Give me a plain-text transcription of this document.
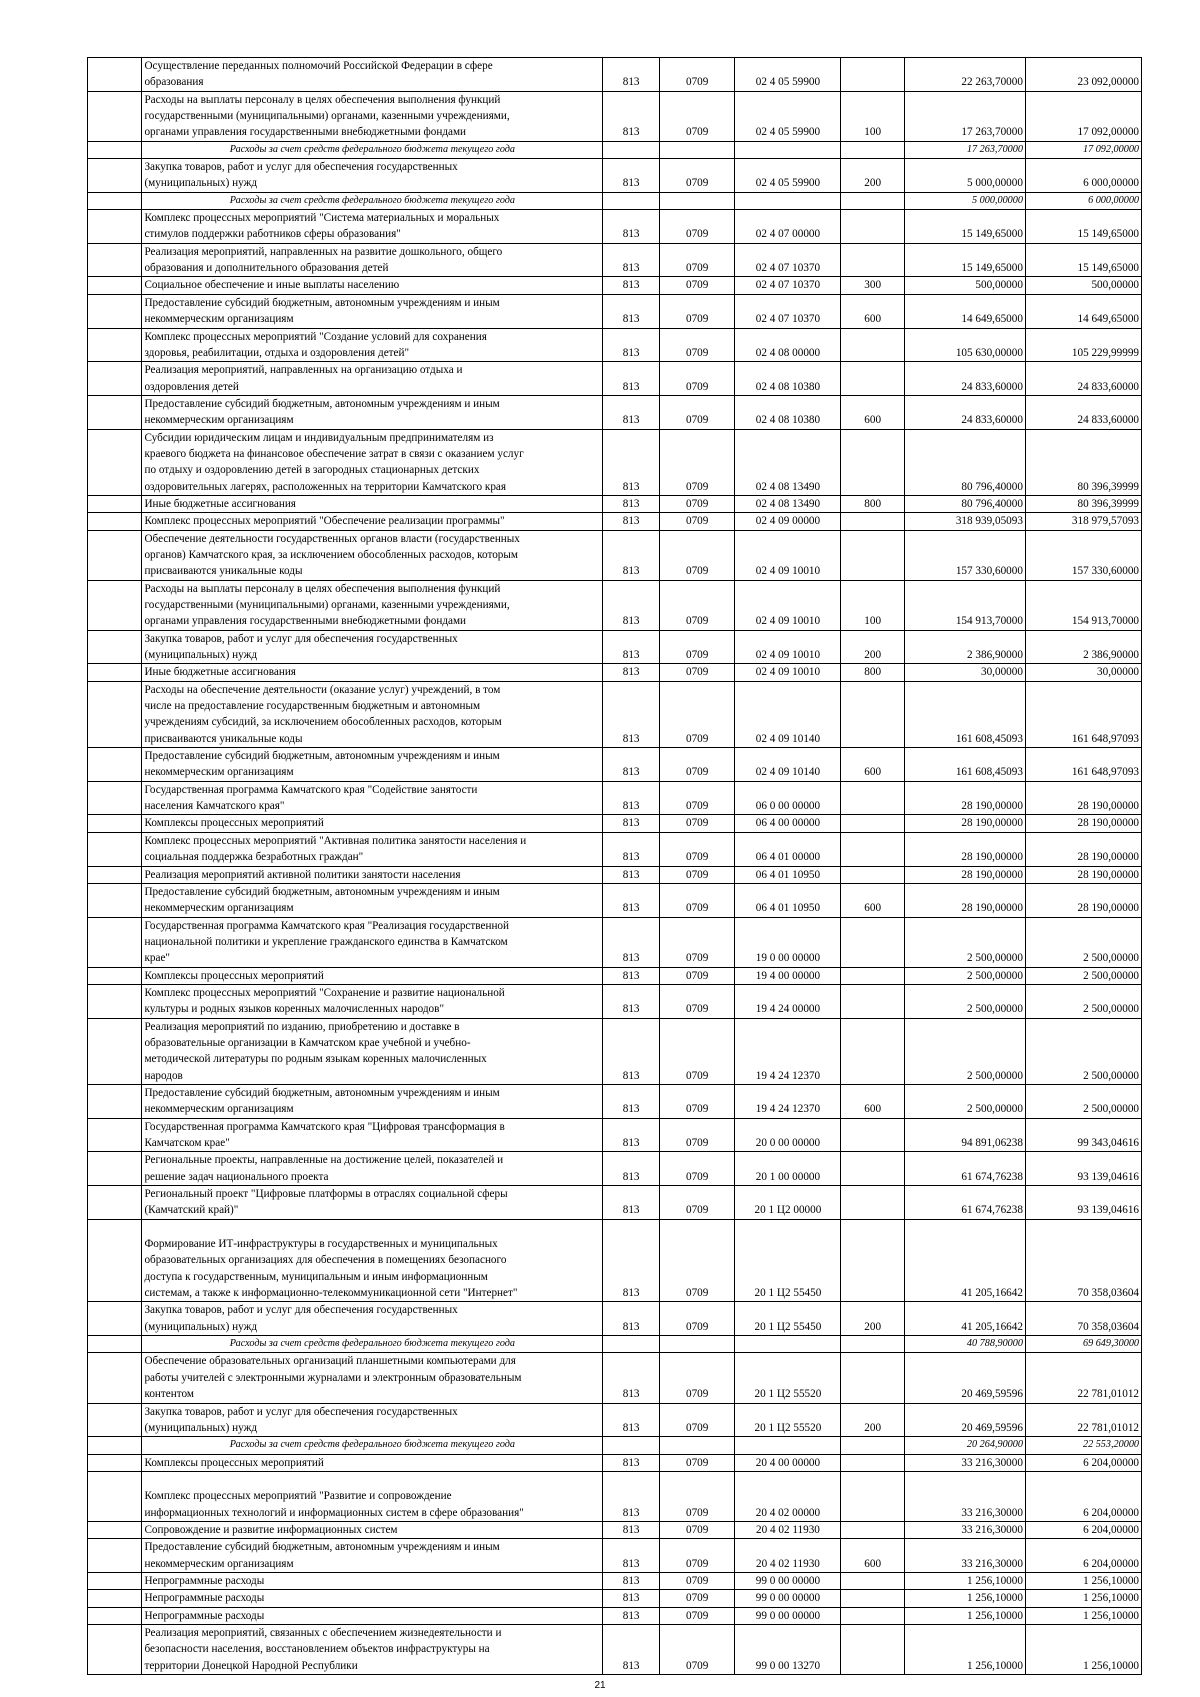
	Осуществление переданных полномочий Российской Федерации в сфере
образования	813	0709	02 4 05 59900		22 263,70000	23 092,00000
	Расходы на выплаты персоналу в целях обеспечения выполнения функций
государственными (муниципальными) органами, казенными учреждениями,
органами управления государственными внебюджетными фондами	813	0709	02 4 05 59900	100	17 263,70000	17 092,00000
	Расходы за счет средств федерального бюджета текущего года					17 263,70000	17 092,00000
	Закупка товаров, работ и услуг для обеспечения государственных
(муниципальных) нужд	813	0709	02 4 05 59900	200	5 000,00000	6 000,00000
	Расходы за счет средств федерального бюджета текущего года					5 000,00000	6 000,00000
	Комплекс процессных мероприятий "Система материальных и моральных
стимулов поддержки работников сферы образования"	813	0709	02 4 07 00000		15 149,65000	15 149,65000
	Реализация мероприятий, направленных на развитие дошкольного, общего
образования и дополнительного образования детей	813	0709	02 4 07 10370		15 149,65000	15 149,65000
	Социальное обеспечение и иные выплаты населению	813	0709	02 4 07 10370	300	500,00000	500,00000
	Предоставление субсидий бюджетным, автономным учреждениям и иным
некоммерческим организациям	813	0709	02 4 07 10370	600	14 649,65000	14 649,65000
	Комплекс процессных мероприятий "Создание условий для сохранения
здоровья, реабилитации, отдыха и оздоровления детей"	813	0709	02 4 08 00000		105 630,00000	105 229,99999
	Реализация мероприятий, направленных на организацию отдыха и
оздоровления детей	813	0709	02 4 08 10380		24 833,60000	24 833,60000
	Предоставление субсидий бюджетным, автономным учреждениям и иным
некоммерческим организациям	813	0709	02 4 08 10380	600	24 833,60000	24 833,60000
	Субсидии юридическим лицам и индивидуальным предпринимателям из
краевого бюджета на финансовое обеспечение затрат в связи с оказанием услуг
по отдыху и оздоровлению детей в загородных стационарных детских
оздоровительных лагерях, расположенных на территории Камчатского края	813	0709	02 4 08 13490		80 796,40000	80 396,39999
	Иные бюджетные ассигнования	813	0709	02 4 08 13490	800	80 796,40000	80 396,39999
	Комплекс процессных мероприятий "Обеспечение реализации программы"	813	0709	02 4 09 00000		318 939,05093	318 979,57093
	Обеспечение деятельности государственных органов власти (государственных
органов) Камчатского края, за исключением обособленных расходов, которым
присваиваются уникальные коды	813	0709	02 4 09 10010		157 330,60000	157 330,60000
	Расходы на выплаты персоналу в целях обеспечения выполнения функций
государственными (муниципальными) органами, казенными учреждениями,
органами управления государственными внебюджетными фондами	813	0709	02 4 09 10010	100	154 913,70000	154 913,70000
	Закупка товаров, работ и услуг для обеспечения государственных
(муниципальных) нужд	813	0709	02 4 09 10010	200	2 386,90000	2 386,90000
	Иные бюджетные ассигнования	813	0709	02 4 09 10010	800	30,00000	30,00000
	Расходы на обеспечение деятельности (оказание услуг) учреждений, в том
числе на предоставление государственным бюджетным и автономным
учреждениям субсидий, за исключением обособленных расходов, которым
присваиваются уникальные коды	813	0709	02 4 09 10140		161 608,45093	161 648,97093
	Предоставление субсидий бюджетным, автономным учреждениям и иным
некоммерческим организациям	813	0709	02 4 09 10140	600	161 608,45093	161 648,97093
	Государственная программа Камчатского края "Содействие занятости
населения Камчатского края"	813	0709	06 0 00 00000		28 190,00000	28 190,00000
	Комплексы процессных мероприятий	813	0709	06 4 00 00000		28 190,00000	28 190,00000
	Комплекс процессных мероприятий "Активная политика занятости населения и
социальная поддержка безработных граждан"	813	0709	06 4 01 00000		28 190,00000	28 190,00000
	Реализация мероприятий активной политики занятости населения	813	0709	06 4 01 10950		28 190,00000	28 190,00000
	Предоставление субсидий бюджетным, автономным учреждениям и иным
некоммерческим организациям	813	0709	06 4 01 10950	600	28 190,00000	28 190,00000
	Государственная программа Камчатского края "Реализация государственной
национальной политики и укрепление гражданского единства в Камчатском
крае"	813	0709	19 0 00 00000		2 500,00000	2 500,00000
	Комплексы процессных мероприятий	813	0709	19 4 00 00000		2 500,00000	2 500,00000
	Комплекс процессных мероприятий "Сохранение и развитие национальной
культуры и родных языков коренных малочисленных народов"	813	0709	19 4 24 00000		2 500,00000	2 500,00000
	Реализация мероприятий по изданию, приобретению и доставке в
образовательные организации в Камчатском крае учебной и учебно-
методической литературы по родным языкам коренных малочисленных
народов	813	0709	19 4 24 12370		2 500,00000	2 500,00000
	Предоставление субсидий бюджетным, автономным учреждениям и иным
некоммерческим организациям	813	0709	19 4 24 12370	600	2 500,00000	2 500,00000
	Государственная программа Камчатского края "Цифровая трансформация в
Камчатском крае"	813	0709	20 0 00 00000		94 891,06238	99 343,04616
	Региональные проекты, направленные на достижение целей, показателей и
решение задач национального проекта	813	0709	20 1 00 00000		61 674,76238	93 139,04616
	Региональный проект "Цифровые платформы в отраслях социальной сферы
(Камчатский край)"	813	0709	20 1 Ц2 00000		61 674,76238	93 139,04616

Формирование ИТ-инфраструктуры в государственных и муниципальных
образовательных организациях для обеспечения в помещениях безопасного
доступа к государственным, муниципальным и иным информационным
системам, а также к информационно-телекоммуникационной сети "Интернет"	813	0709	20 1 Ц2 55450		41 205,16642	70 358,03604
	Закупка товаров, работ и услуг для обеспечения государственных
(муниципальных) нужд	813	0709	20 1 Ц2 55450	200	41 205,16642	70 358,03604
	Расходы за счет средств федерального бюджета текущего года					40 788,90000	69 649,30000
	Обеспечение образовательных организаций планшетными компьютерами для
работы учителей с электронными журналами и электронным образовательным
контентом	813	0709	20 1 Ц2 55520		20 469,59596	22 781,01012
	Закупка товаров, работ и услуг для обеспечения государственных
(муниципальных) нужд	813	0709	20 1 Ц2 55520	200	20 469,59596	22 781,01012
	Расходы за счет средств федерального бюджета текущего года					20 264,90000	22 553,20000
	Комплексы процессных мероприятий	813	0709	20 4 00 00000		33 216,30000	6 204,00000

Комплекс процессных мероприятий "Развитие и сопровождение
информационных технологий и информационных систем в сфере образования"	813	0709	20 4 02 00000		33 216,30000	6 204,00000
	Сопровождение и развитие информационных систем	813	0709	20 4 02 11930		33 216,30000	6 204,00000
	Предоставление субсидий бюджетным, автономным учреждениям и иным
некоммерческим организациям	813	0709	20 4 02 11930	600	33 216,30000	6 204,00000
	Непрограммные расходы	813	0709	99 0 00 00000		1 256,10000	1 256,10000
	Непрограммные расходы	813	0709	99 0 00 00000		1 256,10000	1 256,10000
	Непрограммные расходы	813	0709	99 0 00 00000		1 256,10000	1 256,10000
	Реализация мероприятий, связанных с обеспечением жизнедеятельности и
безопасности населения, восстановлением объектов инфраструктуры на
территории Донецкой Народной Республики	813	0709	99 0 00 13270		1 256,10000	1 256,10000
21
